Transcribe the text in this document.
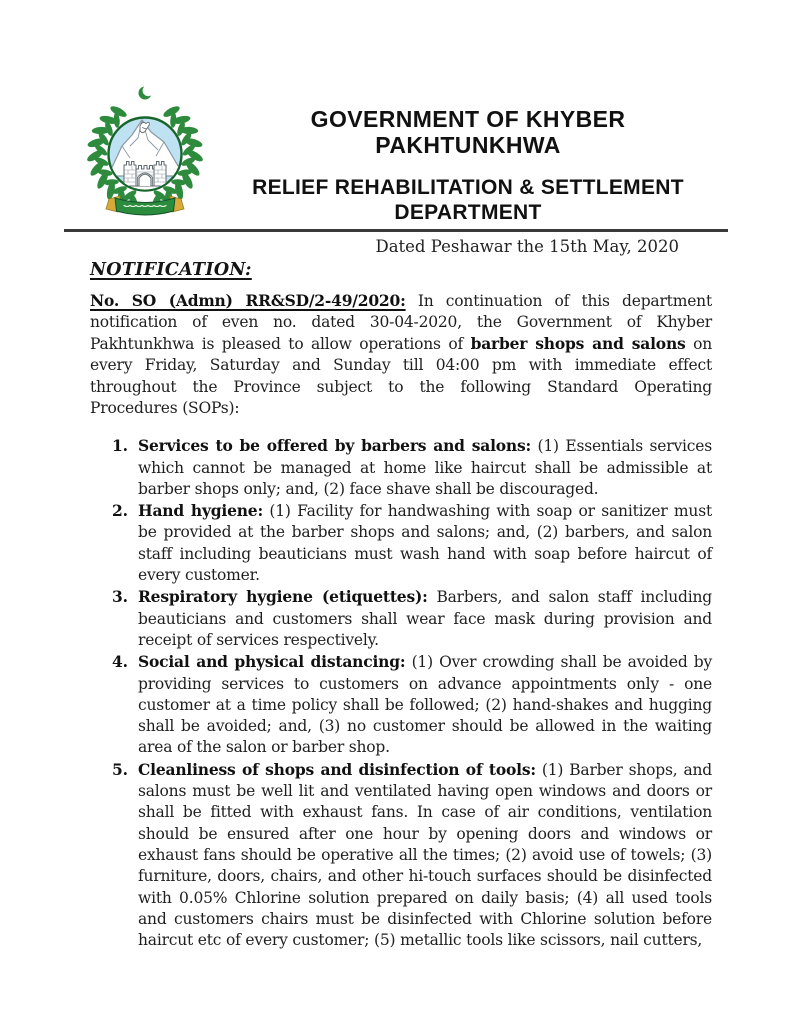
GOVERNMENT OF KHYBER PAKHTUNKHWA
RELIEF REHABILITATION & SETTLEMENT
DEPARTMENT
Dated Peshawar the 15th May, 2020
NOTIFICATION:

No. SO (Admn) RR&SD/2-49/2020: In continuation of this department notification of even no. dated 30-04-2020, the Government of Khyber Pakhtunkhwa is pleased to allow operations of barber shops and salons on every Friday, Saturday and Sunday till 04:00 pm with immediate effect throughout the Province subject to the following Standard Operating Procedures (SOPs):

1. Services to be offered by barbers and salons: (1) Essentials services which cannot be managed at home like haircut shall be admissible at barber shops only; and, (2) face shave shall be discouraged.
2. Hand hygiene: (1) Facility for handwashing with soap or sanitizer must be provided at the barber shops and salons; and, (2) barbers, and salon staff including beauticians must wash hand with soap before haircut of every customer.
3. Respiratory hygiene (etiquettes): Barbers, and salon staff including beauticians and customers shall wear face mask during provision and receipt of services respectively.
4. Social and physical distancing: (1) Over crowding shall be avoided by providing services to customers on advance appointments only - one customer at a time policy shall be followed; (2) hand-shakes and hugging shall be avoided; and, (3) no customer should be allowed in the waiting area of the salon or barber shop.
5. Cleanliness of shops and disinfection of tools: (1) Barber shops, and salons must be well lit and ventilated having open windows and doors or shall be fitted with exhaust fans. In case of air conditions, ventilation should be ensured after one hour by opening doors and windows or exhaust fans should be operative all the times; (2) avoid use of towels; (3) furniture, doors, chairs, and other hi-touch surfaces should be disinfected with 0.05% Chlorine solution prepared on daily basis; (4) all used tools and customers chairs must be disinfected with Chlorine solution before haircut etc of every customer; (5) metallic tools like scissors, nail cutters,
